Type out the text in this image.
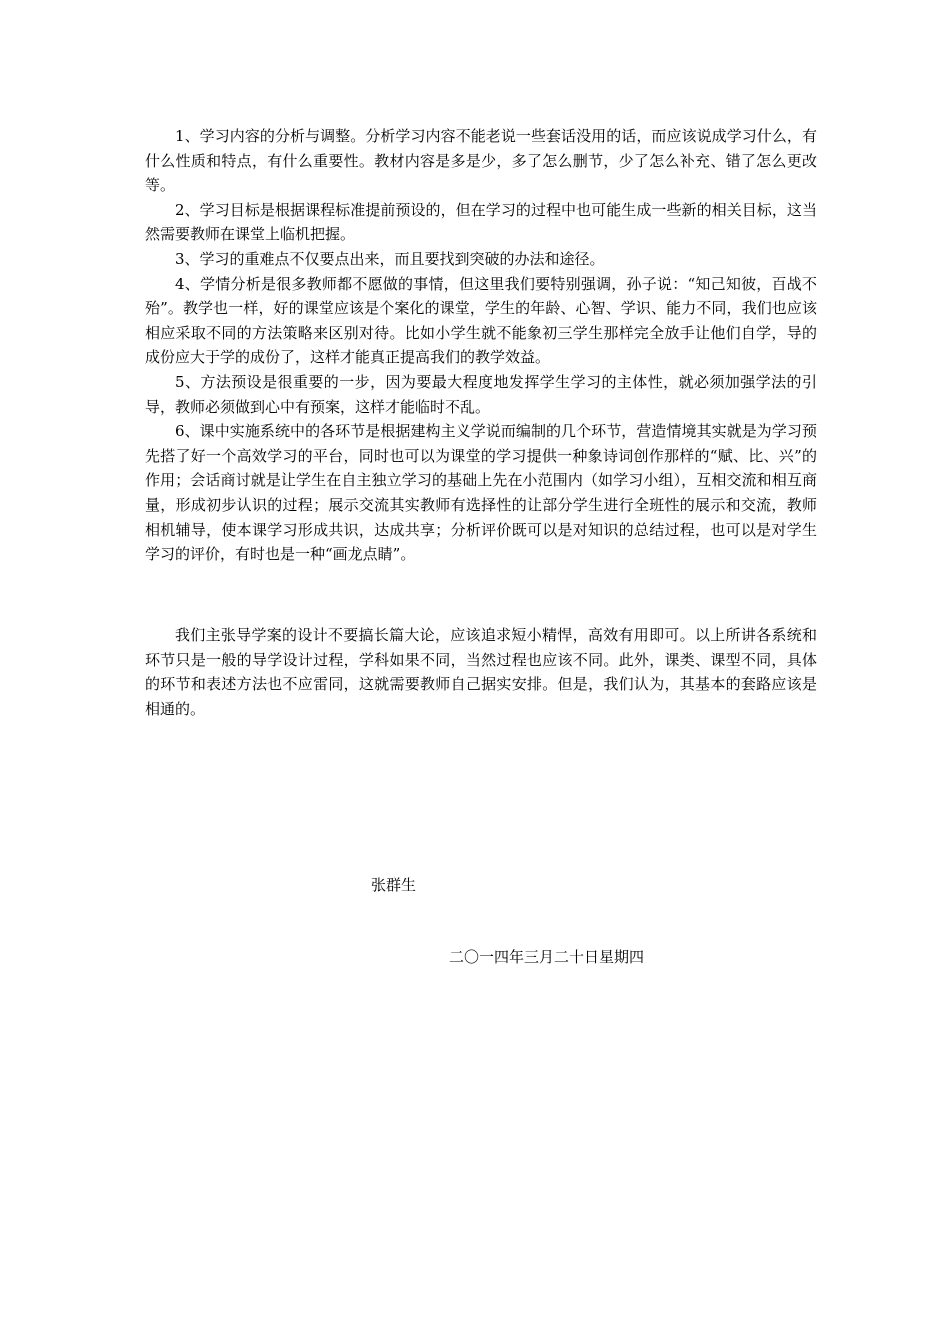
1、学习内容的分析与调整。分析学习内容不能老说一些套话没用的话，而应该说成学习什么，有什么性质和特点，有什么重要性。教材内容是多是少，多了怎么删节，少了怎么补充、错了怎么更改等。

2、学习目标是根据课程标准提前预设的，但在学习的过程中也可能生成一些新的相关目标，这当然需要教师在课堂上临机把握。

3、学习的重难点不仅要点出来，而且要找到突破的办法和途径。

4、学情分析是很多教师都不愿做的事情，但这里我们要特别强调，孙子说：“知己知彼，百战不殆”。教学也一样，好的课堂应该是个案化的课堂，学生的年龄、心智、学识、能力不同，我们也应该相应采取不同的方法策略来区别对待。比如小学生就不能象初三学生那样完全放手让他们自学，导的成份应大于学的成份了，这样才能真正提高我们的教学效益。

5、方法预设是很重要的一步，因为要最大程度地发挥学生学习的主体性，就必须加强学法的引导，教师必须做到心中有预案，这样才能临时不乱。

6、课中实施系统中的各环节是根据建构主义学说而编制的几个环节，营造情境其实就是为学习预先搭了好一个高效学习的平台，同时也可以为课堂的学习提供一种象诗词创作那样的“赋、比、兴”的作用；会话商讨就是让学生在自主独立学习的基础上先在小范围内（如学习小组），互相交流和相互商量，形成初步认识的过程；展示交流其实教师有选择性的让部分学生进行全班性的展示和交流，教师相机辅导，使本课学习形成共识，达成共享；分析评价既可以是对知识的总结过程，也可以是对学生学习的评价，有时也是一种“画龙点睛”。

我们主张导学案的设计不要搞长篇大论，应该追求短小精悍，高效有用即可。以上所讲各系统和环节只是一般的导学设计过程，学科如果不同，当然过程也应该不同。此外，课类、课型不同，具体的环节和表述方法也不应雷同，这就需要教师自己据实安排。但是，我们认为，其基本的套路应该是相通的。

张群生
二〇一四年三月二十日星期四
